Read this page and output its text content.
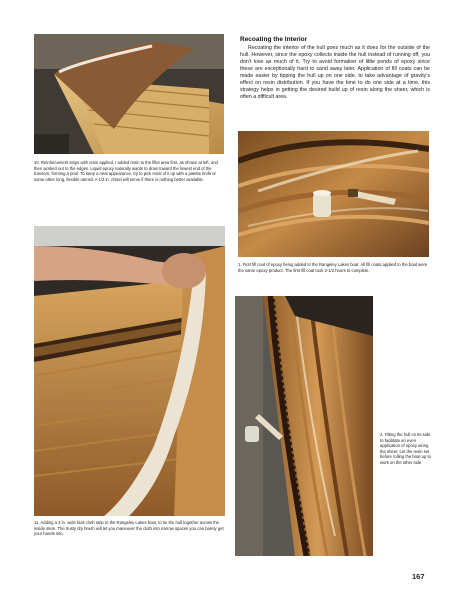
10. Reinforcement strips with resin applied. I added resin to the fillet area first, as shown at left, and then worked out to the edges. Liquid epoxy naturally wants to drain toward the lowest end of the transom, forming a pool. To keep a neat appearance, try to pick most of it up with a palette knife or some other long, flexible utensil. A 1/2 in. chisel will serve if there is nothing better available.
11. Adding a 3 in. wide bias cloth strip to the Rangeley Lakes boat, to tie the hull together across the inside stem. The trusty dry brush will let you maneuver the cloth into narrow spaces you can barely get your hands into.
Recoating the Interior
Recoating the interior of the hull goes much as it does for the outside of the hull. However, since the epoxy collects inside the hull instead of running off, you don't lose as much of it. Try to avoid formation of little ponds of epoxy since these are exceptionally hard to sand away later. Application of fill coats can be made easier by tipping the hull up on one side, to take advantage of gravity's effect on resin distribution. If you have the time to do one side at a time, this strategy helps in getting the desired build up of resin along the sheer, which is often a difficult area.
1. First fill coat of epoxy being added to the Rangeley Lakes boat. All fill coats applied to the boat were the same epoxy product. The first fill coat took 2-1/2 hours to complete.
2. Tilting the hull on its side to facilitate an even application of epoxy along the sheer. Let the resin set before rolling the boat up to work on the other side.
167
